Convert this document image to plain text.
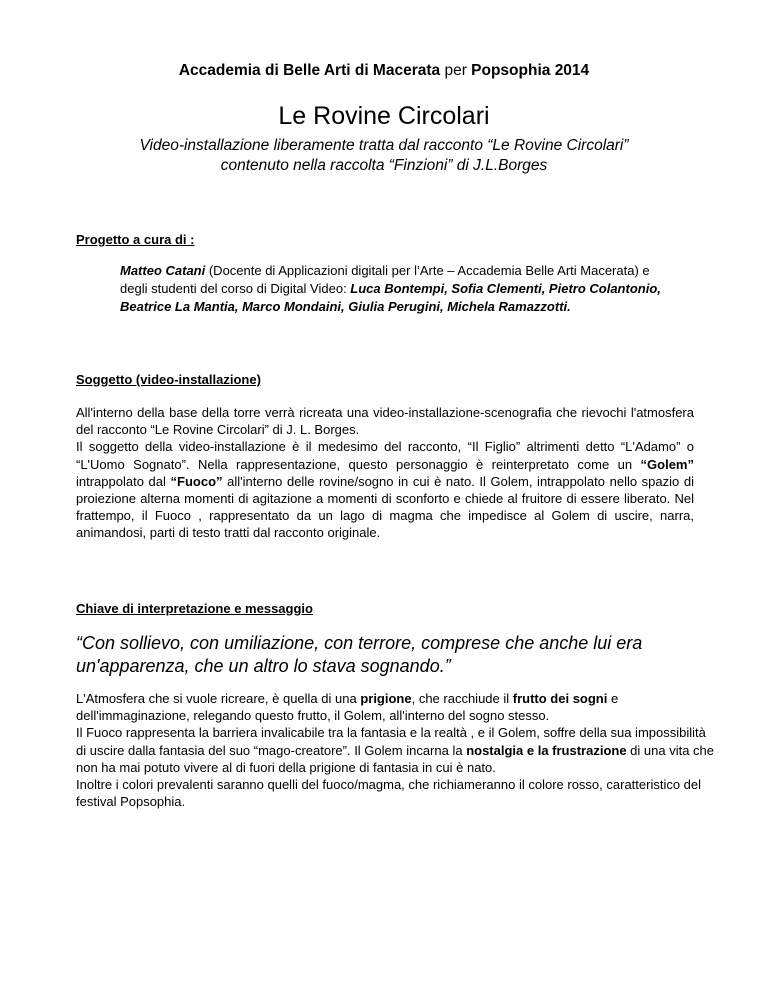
Accademia di Belle Arti di Macerata per Popsophia 2014
Le Rovine Circolari
Video-installazione liberamente tratta dal racconto “Le Rovine Circolari”
contenuto nella raccolta “Finzioni” di J.L.Borges
Progetto a cura di :
Matteo Catani (Docente di Applicazioni digitali per l’Arte – Accademia Belle Arti Macerata) e degli studenti del corso di Digital Video: Luca Bontempi, Sofia Clementi, Pietro Colantonio, Beatrice La Mantia, Marco Mondaini, Giulia Perugini, Michela Ramazzotti.
Soggetto (video-installazione)
All'interno della base della torre verrà ricreata una video-installazione-scenografia che rievochi l'atmosfera del racconto “Le Rovine Circolari” di J. L. Borges.
Il soggetto della video-installazione è il medesimo del racconto, “Il Figlio” altrimenti detto “L'Adamo” o “L'Uomo Sognato”. Nella rappresentazione, questo personaggio è reinterpretato come un “Golem” intrappolato dal “Fuoco” all'interno delle rovine/sogno in cui è nato. Il Golem, intrappolato nello spazio di proiezione alterna momenti di agitazione a momenti di sconforto e chiede al fruitore di essere liberato. Nel frattempo, il Fuoco , rappresentato da un lago di magma che impedisce al Golem di uscire, narra, animandosi, parti di testo tratti dal racconto originale.
Chiave di interpretazione e messaggio
“Con sollievo, con umiliazione, con terrore, comprese che anche lui era un'apparenza, che un altro lo stava sognando.”
L'Atmosfera che si vuole ricreare, è quella di una prigione, che racchiude il frutto dei sogni e dell'immaginazione, relegando questo frutto, il Golem, all'interno del sogno stesso.
Il Fuoco rappresenta la barriera invalicabile tra la fantasia e la realtà , e il Golem, soffre della sua impossibilità di uscire dalla fantasia del suo “mago-creatore”. Il Golem incarna la nostalgia e la frustrazione di una vita che non ha mai potuto vivere al di fuori della prigione di fantasia in cui è nato.
Inoltre i colori prevalenti saranno quelli del fuoco/magma, che richiameranno il colore rosso, caratteristico del festival Popsophia.
